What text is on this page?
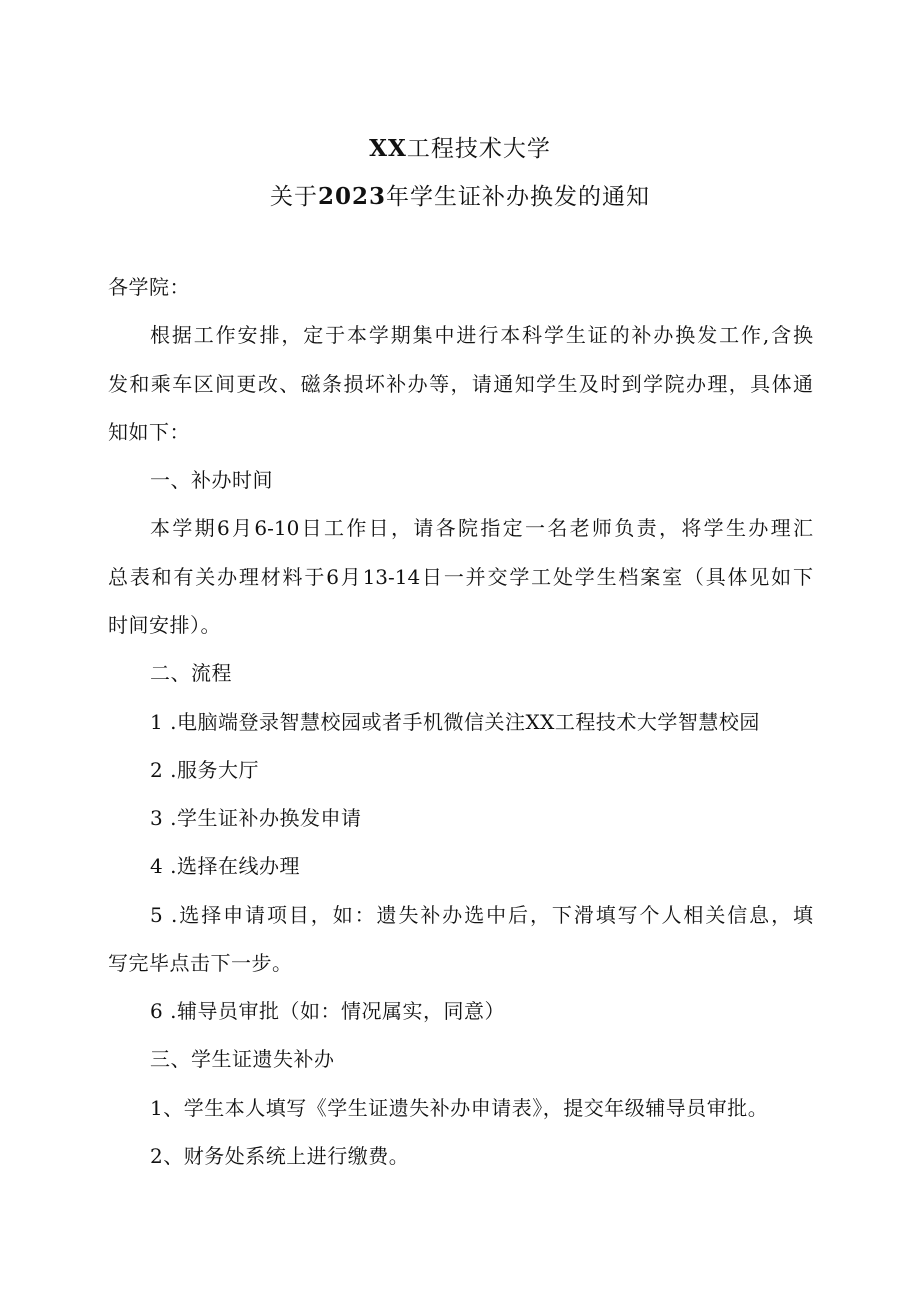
XX工程技术大学
关于2023年学生证补办换发的通知
各学院：
根据工作安排，定于本学期集中进行本科学生证的补办换发工作,含换
发和乘车区间更改、磁条损坏补办等，请通知学生及时到学院办理，具体通
知如下：
一、补办时间
本学期6月6-10日工作日，请各院指定一名老师负责，将学生办理汇
总表和有关办理材料于6月13-14日一并交学工处学生档案室（具体见如下
时间安排）。
二、流程
1 .电脑端登录智慧校园或者手机微信关注XX工程技术大学智慧校园
2 .服务大厅
3 .学生证补办换发申请
4 .选择在线办理
5 .选择申请项目，如：遗失补办选中后，下滑填写个人相关信息，填
写完毕点击下一步。
6 .辅导员审批（如：情况属实，同意）
三、学生证遗失补办
1、学生本人填写《学生证遗失补办申请表》，提交年级辅导员审批。
2、财务处系统上进行缴费。
